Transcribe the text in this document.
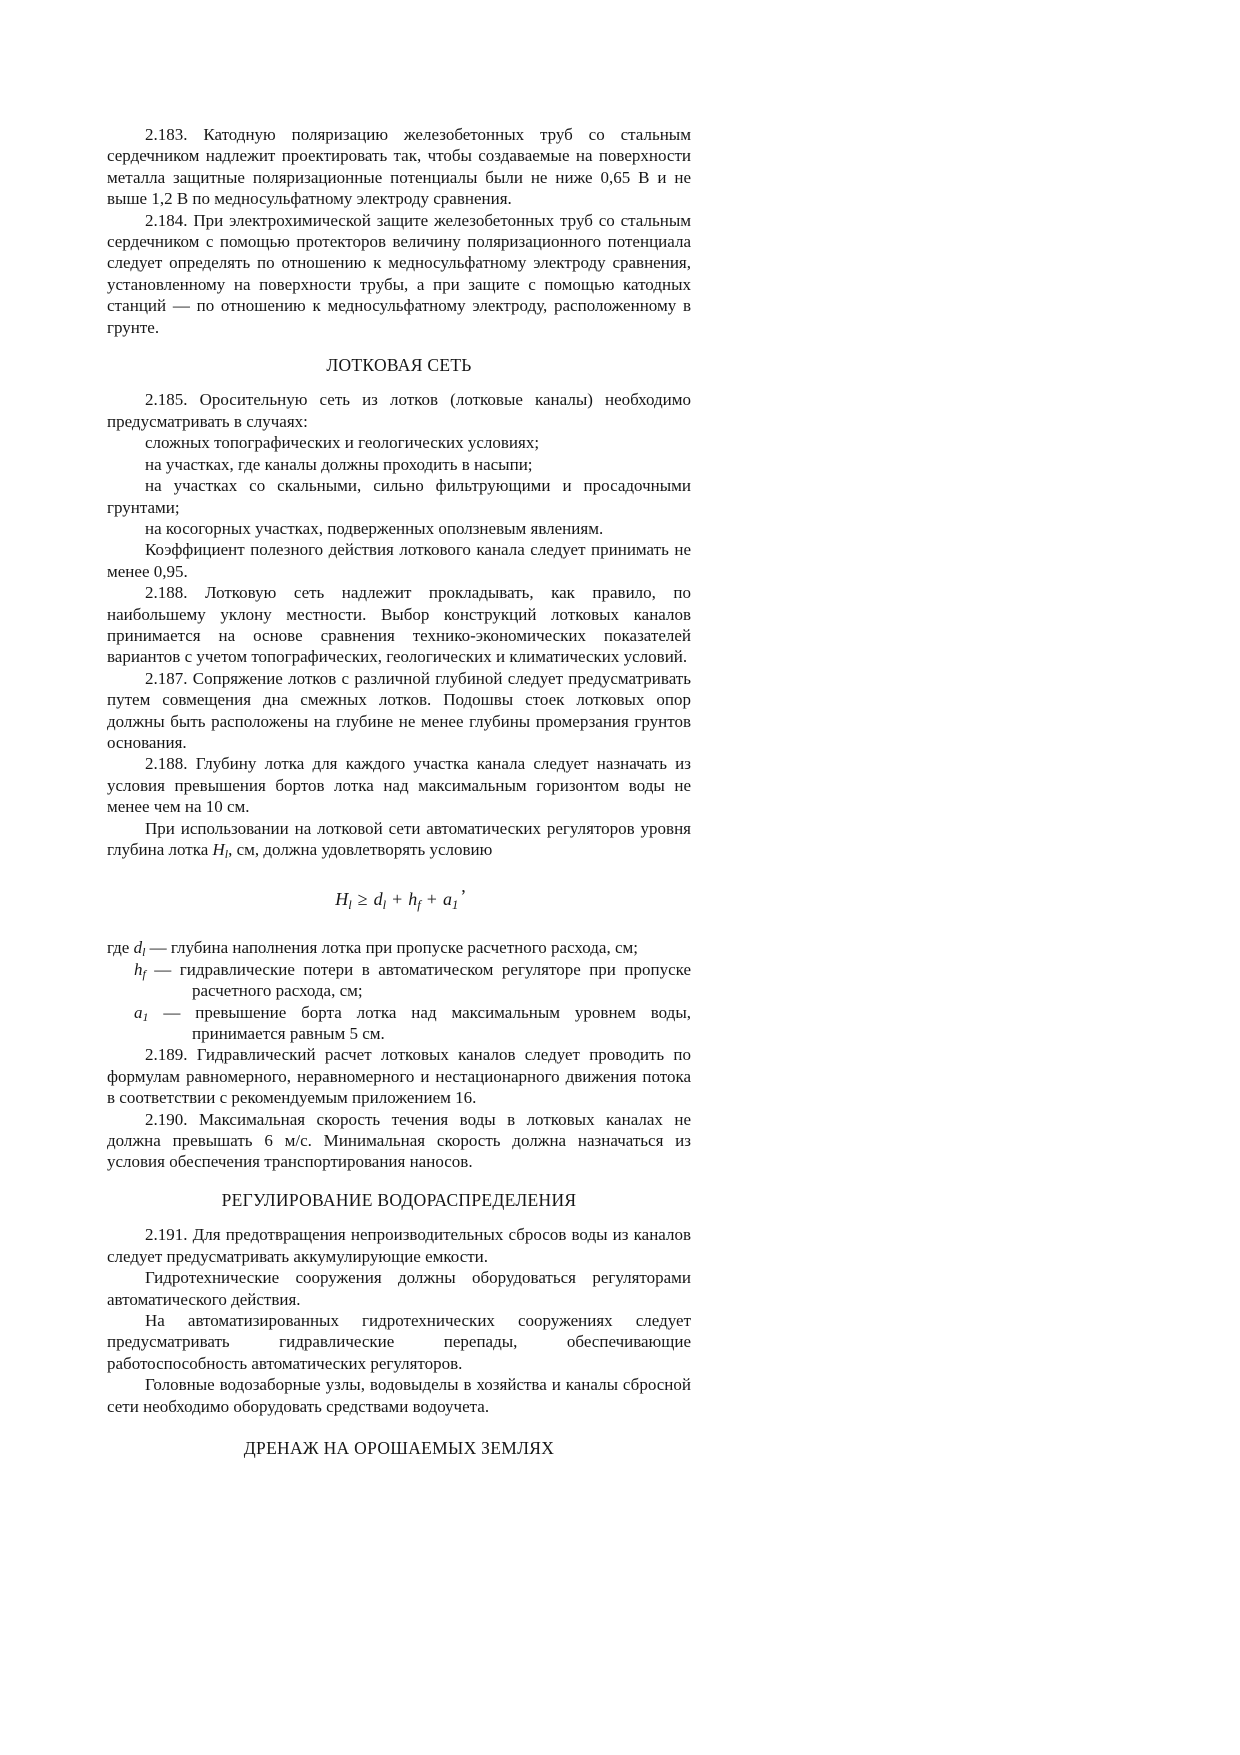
2.183. Катодную поляризацию железобетонных труб со стальным сердечником надлежит проектировать так, чтобы создаваемые на поверхности металла защитные поляризационные потенциалы были не ниже 0,65 В и не выше 1,2 В по медносульфатному электроду сравнения.

2.184. При электрохимической защите железобетонных труб со стальным сердечником с помощью протекторов величину поляризационного потенциала следует определять по отношению к медносульфатному электроду сравнения, установленному на поверхности трубы, а при защите с помощью катодных станций — по отношению к медносульфатному электроду, расположенному в грунте.

ЛОТКОВАЯ СЕТЬ

2.185. Оросительную сеть из лотков (лотковые каналы) необходимо предусматривать в случаях:

сложных топографических и геологических условиях;

на участках, где каналы должны проходить в насыпи;

на участках со скальными, сильно фильтрующими и просадочными грунтами;

на косогорных участках, подверженных оползневым явлениям.

Коэффициент полезного действия лоткового канала следует принимать не менее 0,95.

2.188. Лотковую сеть надлежит прокладывать, как правило, по наибольшему уклону местности. Выбор конструкций лотковых каналов принимается на основе сравнения технико-экономических показателей вариантов с учетом топографических, геологических и климатических условий.

2.187. Сопряжение лотков с различной глубиной следует предусматривать путем совмещения дна смежных лотков. Подошвы стоек лотковых опор должны быть расположены на глубине не менее глубины промерзания грунтов основания.

2.188. Глубину лотка для каждого участка канала следует назначать из условия превышения бортов лотка над максимальным горизонтом воды не менее чем на 10 см.

При использовании на лотковой сети автоматических регуляторов уровня глубина лотка $H_l$, см, должна удовлетворять условию

$H_l \ge d_l + h_f + a_1$,

где $d_l$ — глубина наполнения лотка при пропуске расчетного расхода, см;

$h_f$ — гидравлические потери в автоматическом регуляторе при пропуске расчетного расхода, см;

$a_1$ — превышение борта лотка над максимальным уровнем воды, принимается равным 5 см.

2.189. Гидравлический расчет лотковых каналов следует проводить по формулам равномерного, неравномерного и нестационарного движения потока в соответствии с рекомендуемым приложением 16.

2.190. Максимальная скорость течения воды в лотковых каналах не должна превышать 6 м/с. Минимальная скорость должна назначаться из условия обеспечения транспортирования наносов.

РЕГУЛИРОВАНИЕ ВОДОРАСПРЕДЕЛЕНИЯ

2.191. Для предотвращения непроизводительных сбросов воды из каналов следует предусматривать аккумулирующие емкости.

Гидротехнические сооружения должны оборудоваться регуляторами автоматического действия.

На автоматизированных гидротехнических сооружениях следует предусматривать гидравлические перепады, обеспечивающие работоспособность автоматических регуляторов.

Головные водозаборные узлы, водовыделы в хозяйства и каналы сбросной сети необходимо оборудовать средствами водоучета.

ДРЕНАЖ НА ОРОШАЕМЫХ ЗЕМЛЯХ
